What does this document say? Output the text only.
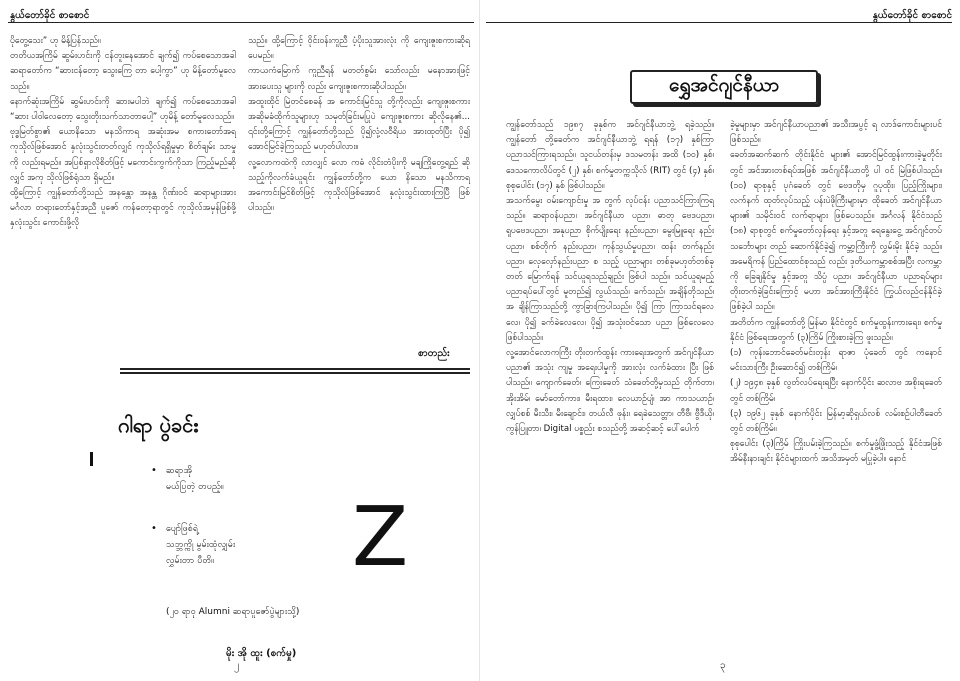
နွယ်တော်ခိုင် စာစောင်

ပိုတွေ့သေး” ဟု မိန့်ပြန်သည်။

တတိယအကြိမ် ဆွမ်းဟင်းကို ငန်တူးနေအောင် ချက်၍ ကပ်စေသောအခါ ဆရာတော်က “ဆားငန်တော့ သွေးကြေ တာ ပေါ့ကွာ” ဟု မိန့်တော်မူလေသည်။

နောက်ဆုံးအကြိမ် ဆွမ်းဟင်းကို ဆားမပါဘဲ ချက်၍ ကပ်စေသောအခါ “ဆား ပါဝါလေတော့ သွေးတိုးသက်သာတာပေါ့” ဟုမိန့် တော်မူလေသည်။

ဗုဒ္ဓမြတ်စွာ၏ ယောနိသော မနသိကာရ အဆုံးအမ စကားတော်အရ ကုသိုလ်ဖြစ်အောင် နှလုံးသွင်းတတ်လျှင် ကုသိုလ်ရရှိမှုမှာ စိတ်ချမ်း သာမှုကို လည်းရမည်။ အပြစ်ရှာလိုစိတ်ဖြင့် မကောင်းကွက်ကိုသာ ကြည့်မည်ဆိုလျှင် အကု သိုလ်ဖြစ်ရုံသာ ရှိမည်။

ထို့ကြောင့် ကျွန်တော်တို့သည် အနန္တော အနန္တ ဂိုဏ်းဝင် ဆရာများအား မင်္ဂလာ တရားတော်နှင့်အညီ ပူဇော် ကန်တော့ရာတွင် ကုသိုလ်အမှန်ဖြစ်ဖို့ နှလုံးသွင်း ကောင်းဖို့လို

သည်။ ထို့ကြောင့် ဝိုင်းဝန်းကူညီ ပံ့ပိုးသူအားလုံး ကို ကျေးဇူးစကားဆိုရပေမည်။

ကာယကံမြောက် ကူညီရန် မတတ်စွမ်း သော်လည်း မနောအားဖြင့် အားပေးသူ များကို လည်း ကျေးဇူးစကားဆိုပါသည်။

အထူးထိုင် မြဲတင်စေခန် အ ကောင်းမြင်သူ တို့ကိုလည်း ကျေးဇူးစကား အဆိုမခံထိုက်သူများဟု သမုတ်ခြင်းမပြုပဲ ကျေးဇူးစကား ဆိုလိုနေ၏... ၎င်းတို့ကြောင့် ကျွန်တော်တို့သည် ပို၍လုံ့လဝီရိယ အားထုတ်ပြီး ပို၍ အောင်မြင်ခဲ့ကြသည် မဟုတ်ပါလား။

လူ့လောကထဲကို လာလျှင် လော ကဓံ လိုင်းတံပိုးကို မချကြိုတွေ့ရည် ဆို သည့်ကိုလက်ခံယူရင်း ကျွန်တော်တို့က ယော နိသော မနသိကာရ အကောင်းမြင်စိတ်ဖြင့် ကုသိုလ်ဖြစ်အောင် နှလုံးသွင်းထားကြပြီ ဖြစ် ပါသည်။

စာတည်း
ဂါရာ ပွဲခင်း
• ဆရာအို
မယ်ပြတဲ့ တပည့်။
• ပျော်ဖြစ်ရဲ့
သဘ္ဘက္ကို မွမ်းထုံလျှမ်း
လွှမ်းတာ ပီတိ။ Z
(၂၀ ရာဝု Alumni ဆရာပူဇော်ပွဲများသို့)
မိုး အို ထူး (စက်မှု)
၂
နွယ်တော်ခိုင် စာစောင်
ရွှေအင်ဂျင်နီယာ

ကျွန်တော်သည် ၁၉၈၇ ခုနှစ်က အင်ဂျင်နီယာဘွဲ့ ရခဲ့သည်။ ကျွန်တော် တို့ခေတ်က အင်ဂျင်နီယာဘွဲ့ ရရန် (၁၇) နှစ်ကြာ ပညာသင်ကြားရသည်။ သူငယ်တန်းမှ ဒသမတန်း အထိ (၁၀) နှစ်၊ ဒေသကောလိပ်တွင် (၂) နှစ်၊ စက်မှုတက္ကသိုလ် (RIT) တွင် (၄) နှစ်၊ စုစုပေါင်း (၁၇) နှစ် ဖြစ်ပါသည်။

အသက်မွေး ဝမ်းကျောင်းမှု အ တွက် လုပ်ငန်း ပညာသင်ကြားကြရသည်။ ဆရာဝန်ပညာ၊ အင်ဂျင်နီယာ ပညာ၊ ဓာတု ဗေဒပညာ၊ ရူပဗေဒပညာ၊ အနုပညာ စိုက်ပျိုးရေး နည်းပညာ၊ မွေးမြူရေး နည်းပညာ၊ စစ်တိုက် နည်းပညာ၊ ကုန်သွယ်မှုပညာ၊ ထန်း တက်နည်းပညာ၊ လှေလှော်နည်းပညာ စ သည့် ပညာများ တစ်ခုမဟုတ်တစ်ခု တတ် မြောက်ရန် သင်ယူရသည်ချည်း ဖြစ်ပါ သည်။ သင်ယူရမည့် ပညာရပ်ပေါ်တွင် မူတည်၍ လွယ်သည်၊ ခက်သည်၊ အချိန်တိုသည်၊ အ ချိန်ကြာသည်တို့ ကွာခြားကြပါသည်။ ပို၍ ကြာ ကြာသင်ရလေလေ၊ ပို၍ ခက်ခဲလေလေ၊ ပို၍ အသုံးဝင်သော ပညာ ဖြစ်လေလေ ဖြစ်ပါသည်။

လူ့အောင်လောကကြီး တိုးတက်ထွန်း ကားရေးအတွက် အင်ဂျင်နီယာပညာ၏ အသုံး ကျမှု အရေးပါမှုကို အားလုံး လက်ခံထား ပြီး ဖြစ်ပါသည်။ ကျောက်ခေတ်၊ ကြေးခေတ် သံခေတ်တို့မှသည် တိုက်တာ၊ အိုးအိမ်၊ မော်တော်ကား၊ မီးရထား၊ လေယာဉ်ပျံ၊ အာ ကာသယာဉ်၊ လျှပ်စစ် မီးသီး၊ မီးချောင်း၊ တယ်လီ ဖုန်း၊ ရေခဲသေတ္တာ၊ တီဗီ၊ ဗွီဒီယို၊ ကွန်ပြူတာ၊ Digital ပစ္စည်း စသည်တို့ အဆင့်ဆင့် ပေါ်ပေါက်

ခဲ့မှုများမှာ အင်ဂျင်နီယာပညာ၏ အသီးအပွင့် ရ လာဒ်ကောင်းများပင် ဖြစ်သည်။

ခေတ်အဆက်ဆက် တိုင်းနိုင်ငံ များ၏ အောင်မြင်ထွန်းကားခဲ့မှုတိုင်း တွင် အင်အားတစ်ရပ်အဖြစ် အင်ဂျင်နီယာတို့ ပါ ဝင် မြဲဖြစ်ပါသည်။ (၁၀) ရာစုနှင့် ပုဂံခေတ် တွင် ဗေဒတိုမှ ဂူပုထိုး၊ ပြည့်ကြိုးများ၊ လက်နက် ထုတ်လုပ်သည့် ပန်းပဲဖိုကြီးများမှာ ထိုခေတ် အင်ဂျင်နီယာများ၏ သမိုင်းဝင် လက်ရာများ ဖြစ်ပေသည်။ အင်္ဂလန် နိုင်ငံသည် (၁၈) ရာစုတွင် စက်မှုတော်လှန်ရေး နှင့်အတူ ရေနွေးငွေ့ အင်ဂျင်တပ် သင်္ဘောများ တည် ဆောက်နိုင်ခဲ့၍ ကမ္ဘာ့ကြီးကို လွှမ်းမိုး နိုင်ခဲ့ သည်။ အမေရိကန် ပြည်ထောင်စုသည် လည်း ဒုတိယကမ္ဘာစစ်အပြီး လကမ္ဘာကို ခြေချနိုင်မှု နှင့်အတူ သိပ္ပံ ပညာ၊ အင်ဂျင်နီယာ ပညာရပ်များ တိုးတက်ခဲ့ခြင်းကြောင့် မဟာ အင်အားကြီးနိုင်ငံ ကြွယ်လည်ငန်နိုင်ခဲ့ ဖြစ်ခဲ့ပါ သည်။

အတိတ်က ကျွန်တော်တို့ မြန်မာ နိုင်ငံတွင် စက်မှုထွန်းကားရေး၊ စက်မှု နိုင်ငံ ဖြစ်ရေးအတွက် (၃)ကြိမ် ကြိုးစားခဲ့ကြ ဖူးသည်။

(၁) ကုန်းဘောင်ခေတ်မင်းတုန်း ရာဇာ ပုံခေတ် တွင် ကနောင်မင်းသားကြီး ဦးဆောင်၍ တစ်ကြိမ်၊

(၂) ၁၉၄၈ ခုနှစ် လွတ်လပ်ရေးရပြီး နောက်ပိုင်း ဆလာဗ အစိုးရခေတ်တွင် တစ်ကြိမ်၊

(၃) ၁၉၆၂ ခုနှစ် နောက်ပိုင်း မြန်မာ့ဆိုရှယ်လစ် လမ်းစဉ်ပါတီခေတ်တွင် တစ်ကြိမ်။

စုစုပေါင်း (၃)ကြိမ် ကြိုးပမ်းခဲ့ကြသည်။ စက်မှုဖွံ့ဖြိုးသည့် နိုင်ငံအဖြစ် အိမ်နီးနားချင်း နိုင်ငံများထက် အသိအမှတ် မပြုခဲ့ပါ။ နောင်

၃
